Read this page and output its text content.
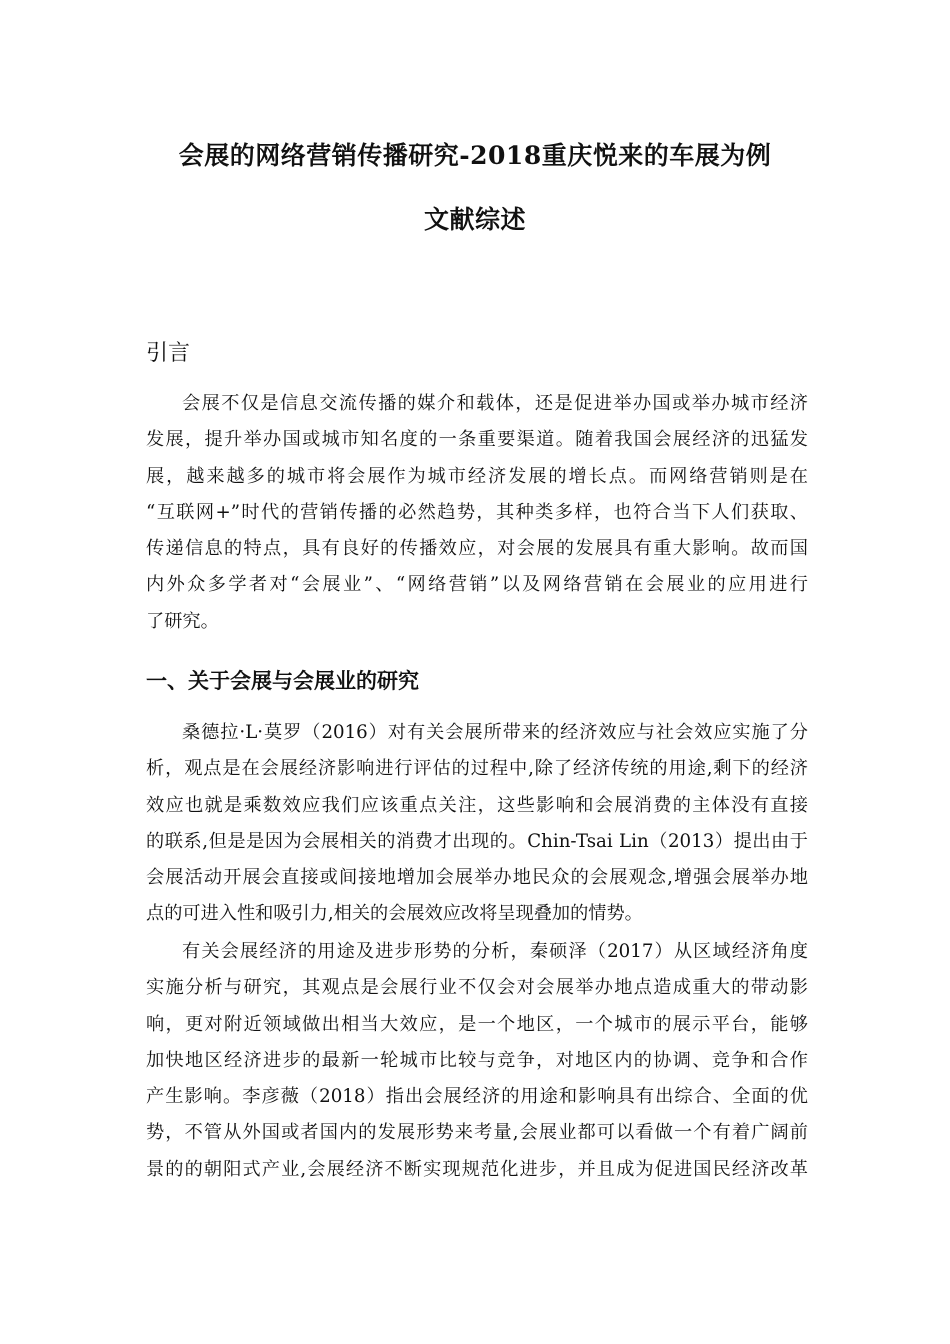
会展的网络营销传播研究-2018重庆悦来的车展为例
文献综述
引言
会展不仅是信息交流传播的媒介和载体，还是促进举办国或举办城市经济
发展，提升举办国或城市知名度的一条重要渠道。随着我国会展经济的迅猛发
展，越来越多的城市将会展作为城市经济发展的增长点。而网络营销则是在
“互联网+”时代的营销传播的必然趋势，其种类多样，也符合当下人们获取、
传递信息的特点，具有良好的传播效应，对会展的发展具有重大影响。故而国
内外众多学者对“会展业”、“网络营销”以及网络营销在会展业的应用进行
了研究。
一、关于会展与会展业的研究
桑德拉·L·莫罗（2016）对有关会展所带来的经济效应与社会效应实施了分
析，观点是在会展经济影响进行评估的过程中,除了经济传统的用途,剩下的经济
效应也就是乘数效应我们应该重点关注，这些影响和会展消费的主体没有直接
的联系,但是是因为会展相关的消费才出现的。Chin-Tsai Lin（2013）提出由于
会展活动开展会直接或间接地增加会展举办地民众的会展观念,增强会展举办地
点的可进入性和吸引力,相关的会展效应改将呈现叠加的情势。
有关会展经济的用途及进步形势的分析，秦硕泽（2017）从区域经济角度
实施分析与研究，其观点是会展行业不仅会对会展举办地点造成重大的带动影
响，更对附近领域做出相当大效应，是一个地区，一个城市的展示平台，能够
加快地区经济进步的最新一轮城市比较与竞争，对地区内的协调、竞争和合作
产生影响。李彦薇（2018）指出会展经济的用途和影响具有出综合、全面的优
势，不管从外国或者国内的发展形势来考量,会展业都可以看做一个有着广阔前
景的的朝阳式产业,会展经济不断实现规范化进步，并且成为促进国民经济改革
